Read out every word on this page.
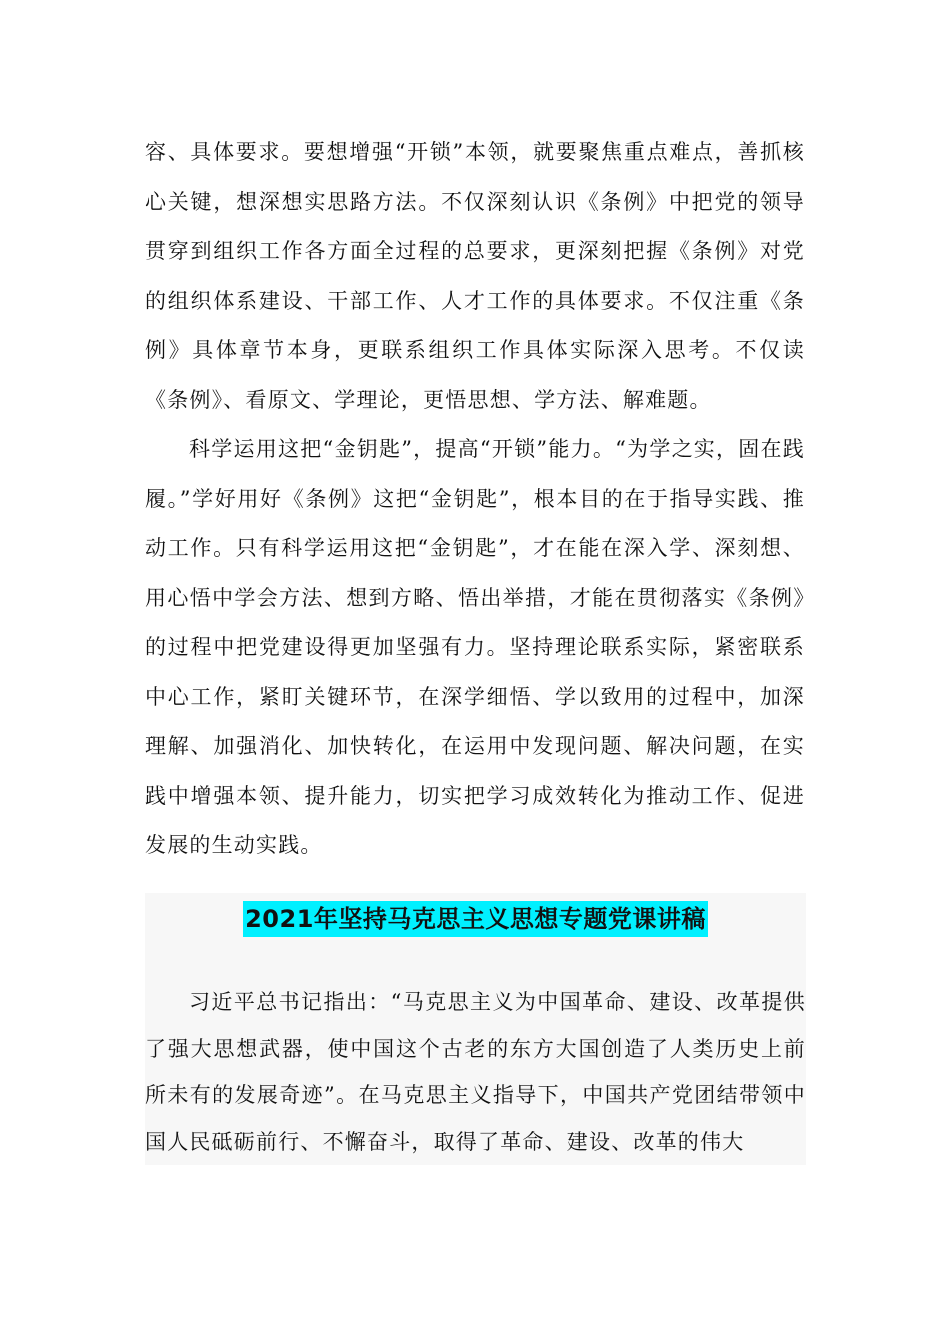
容、具体要求。要想增强“开锁”本领，就要聚焦重点难点，善抓核心关键，想深想实思路方法。不仅深刻认识《条例》中把党的领导贯穿到组织工作各方面全过程的总要求，更深刻把握《条例》对党的组织体系建设、干部工作、人才工作的具体要求。不仅注重《条例》具体章节本身，更联系组织工作具体实际深入思考。不仅读《条例》、看原文、学理论，更悟思想、学方法、解难题。

科学运用这把“金钥匙”，提高“开锁”能力。“为学之实，固在践履。”学好用好《条例》这把“金钥匙”，根本目的在于指导实践、推动工作。只有科学运用这把“金钥匙”，才在能在深入学、深刻想、用心悟中学会方法、想到方略、悟出举措，才能在贯彻落实《条例》的过程中把党建设得更加坚强有力。坚持理论联系实际，紧密联系中心工作，紧盯关键环节，在深学细悟、学以致用的过程中，加深理解、加强消化、加快转化，在运用中发现问题、解决问题，在实践中增强本领、提升能力，切实把学习成效转化为推动工作、促进发展的生动实践。

2021年坚持马克思主义思想专题党课讲稿

习近平总书记指出：“马克思主义为中国革命、建设、改革提供了强大思想武器，使中国这个古老的东方大国创造了人类历史上前所未有的发展奇迹”。在马克思主义指导下，中国共产党团结带领中国人民砥砺前行、不懈奋斗，取得了革命、建设、改革的伟大
